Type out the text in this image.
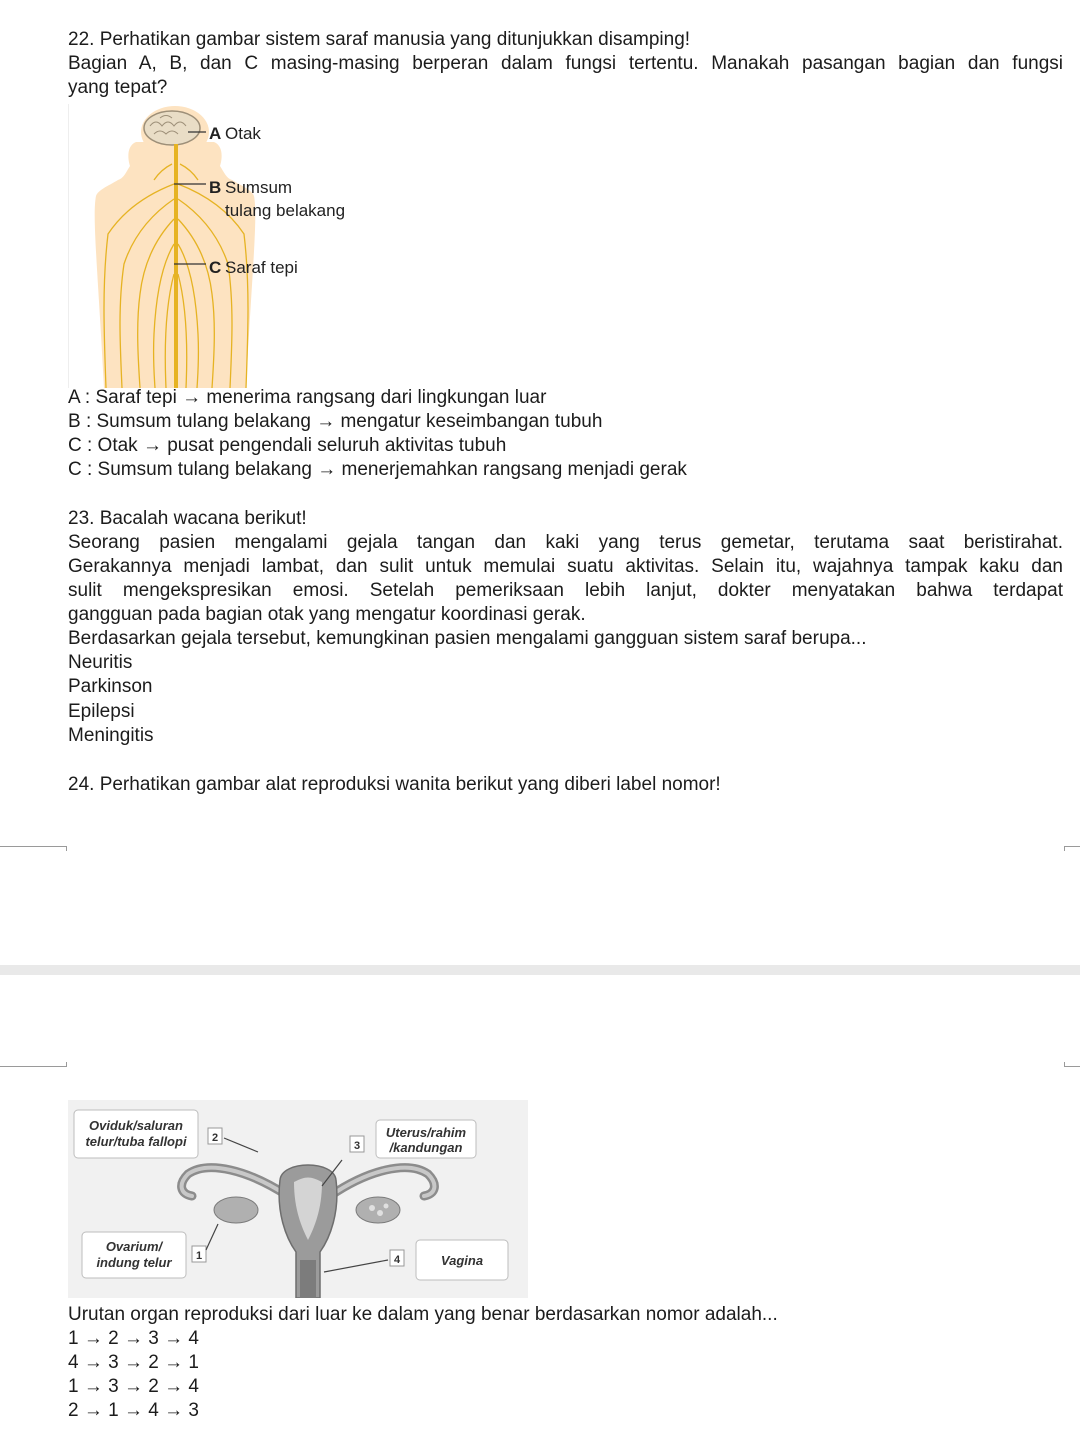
22. Perhatikan gambar sistem saraf manusia yang ditunjukkan disamping!
Bagian A, B, dan C masing-masing berperan dalam fungsi tertentu. Manakah pasangan bagian dan fungsi
yang tepat?
A Otak
B Sumsum
tulang belakang
C Saraf tepi
A : Saraf tepi → menerima rangsang dari lingkungan luar
B : Sumsum tulang belakang → mengatur keseimbangan tubuh
C : Otak → pusat pengendali seluruh aktivitas tubuh
C : Sumsum tulang belakang → menerjemahkan rangsang menjadi gerak
23. Bacalah wacana berikut!
Seorang pasien mengalami gejala tangan dan kaki yang terus gemetar, terutama saat beristirahat.
Gerakannya menjadi lambat, dan sulit untuk memulai suatu aktivitas. Selain itu, wajahnya tampak kaku dan
sulit mengekspresikan emosi. Setelah pemeriksaan lebih lanjut, dokter menyatakan bahwa terdapat
gangguan pada bagian otak yang mengatur koordinasi gerak.
Berdasarkan gejala tersebut, kemungkinan pasien mengalami gangguan sistem saraf berupa...
Neuritis
Parkinson
Epilepsi
Meningitis
24. Perhatikan gambar alat reproduksi wanita berikut yang diberi label nomor!
Oviduk/saluran
telur/tuba fallopi 2	Uterus/rahim
/kandungan
3
Ovarium/
indung telur 1	Vagina
4
Urutan organ reproduksi dari luar ke dalam yang benar berdasarkan nomor adalah...
1 → 2 → 3 → 4
4 → 3 → 2 → 1
1 → 3 → 2 → 4
2 → 1 → 4 → 3
